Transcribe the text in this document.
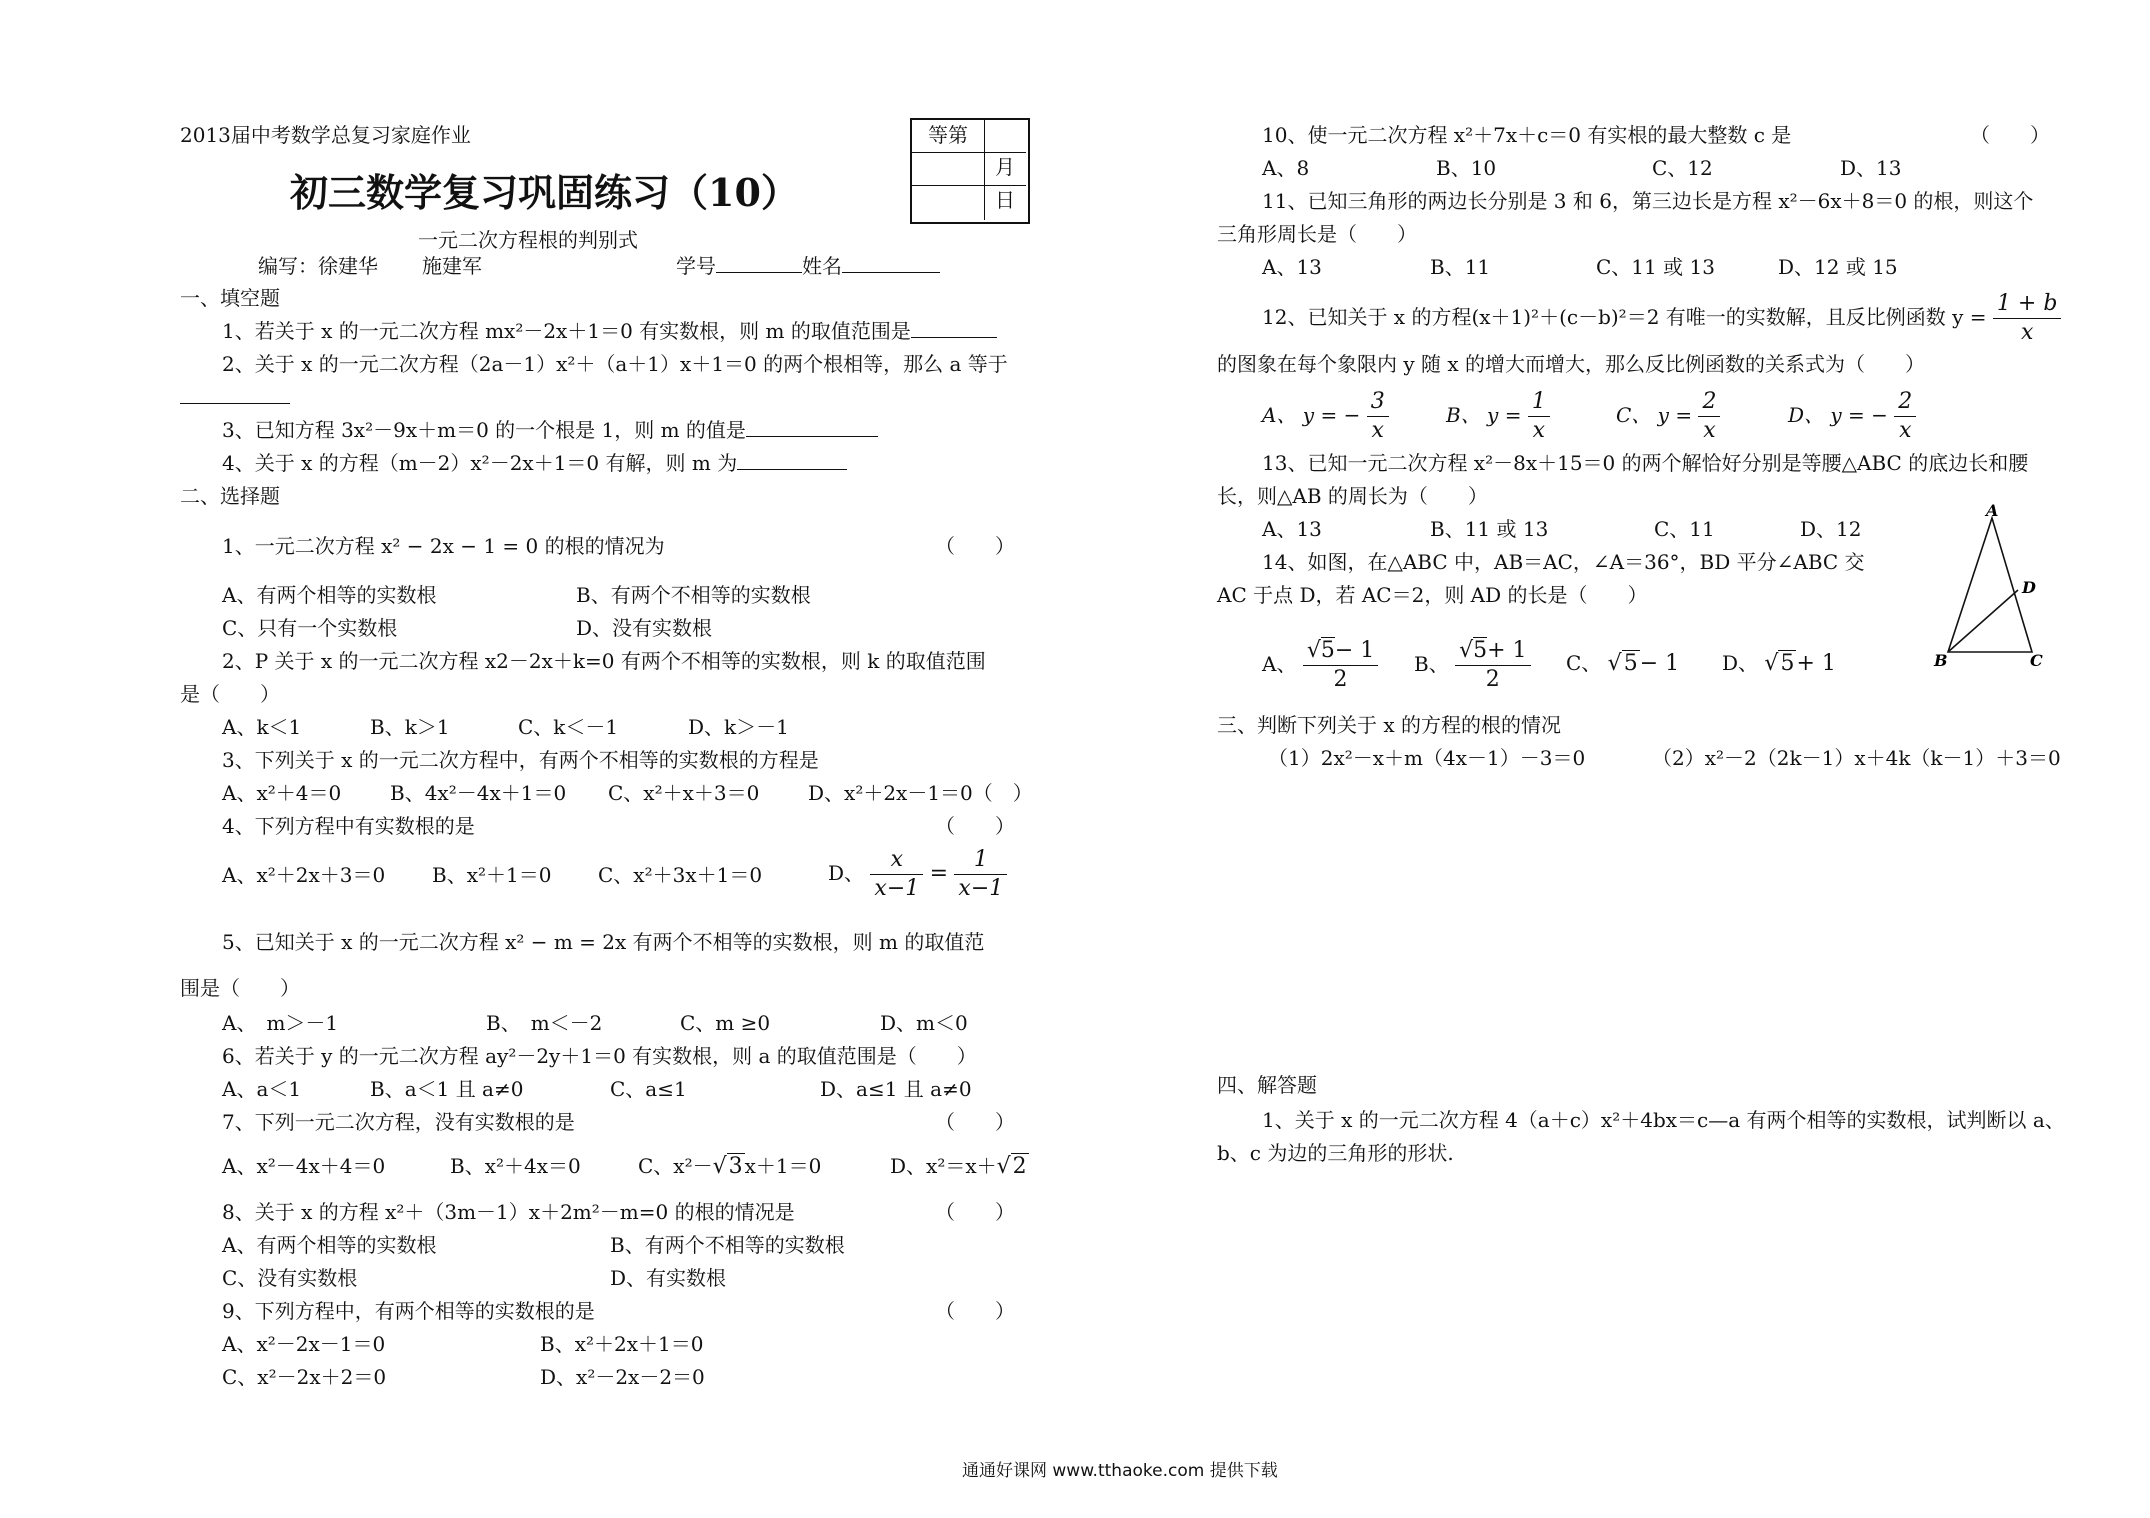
2013届中考数学总复习家庭作业
初三数学复习巩固练习（10）
一元二次方程根的判别式
编写：徐建华 施建军	学号	姓名
等第
月
日
一、填空题
1、若关于 x 的一元二次方程 mx²－2x＋1＝0 有实数根，则 m 的取值范围是
2、关于 x 的一元二次方程（2a－1）x²＋（a＋1）x＋1＝0 的两个根相等，那么 a 等于
3、已知方程 3x²－9x＋m＝0 的一个根是 1，则 m 的值是
4、关于 x 的方程（m－2）x²－2x＋1＝0 有解，则 m 为
二、选择题
1、一元二次方程 x² − 2x − 1 = 0 的根的情况为	（　　）
A、有两个相等的实数根	B、有两个不相等的实数根
C、只有一个实数根	D、没有实数根
2、P 关于 x 的一元二次方程 x2－2x＋k=0 有两个不相等的实数根，则 k 的取值范围
是（　　）
A、k＜1	B、k＞1	C、k＜－1	D、k＞－1
3、下列关于 x 的一元二次方程中，有两个不相等的实数根的方程是
A、x²＋4＝0 B、4x²－4x＋1＝0 C、x²＋x＋3＝0 D、x²＋2x－1＝0（　）
4、下列方程中有实数根的是	（　　）
A、x²＋2x＋3＝0 B、x²＋1＝0 C、x²＋3x＋1＝0	D、 $\frac{x}{x-1} = \frac{1}{x-1}$
5、已知关于 x 的一元二次方程 x² − m = 2x 有两个不相等的实数根，则 m 的取值范
围是（　　）
A、　m＞－1	B、　m＜－2	C、m ≥0	D、m＜0
6、若关于 y 的一元二次方程 ay²－2y＋1＝0 有实数根，则 a 的取值范围是（　　）
A、a＜1	B、a＜1 且 a≠0	C、a≤1	D、a≤1 且 a≠0
7、下列一元二次方程，没有实数根的是	（　　）
A、x²－4x＋4＝0	B、x²＋4x＝0	C、x²－√3 x＋1＝0	D、x²＝x＋√2
8、关于 x 的方程 x²＋（3m－1）x＋2m²－m=0 的根的情况是	（　　）
A、有两个相等的实数根	B、有两个不相等的实数根
C、没有实数根	D、有实数根
9、下列方程中，有两个相等的实数根的是	（　　）
A、x²－2x－1＝0	B、x²＋2x＋1＝0
C、x²－2x＋2＝0	D、x²－2x－2＝0
10、使一元二次方程 x²＋7x＋c＝0 有实根的最大整数 c 是	（　　）
A、8	B、10	C、12	D、13
11、已知三角形的两边长分别是 3 和 6，第三边长是方程 x²－6x＋8＝0 的根，则这个
三角形周长是（　　）
A、13	B、11	C、11 或 13	D、12 或 15
12、已知关于 x 的方程(x＋1)²＋(c－b)²＝2 有唯一的实数解，且反比例函数 $y = \frac{1 + b}{x}$
的图象在每个象限内 y 随 x 的增大而增大，那么反比例函数的关系式为（　　）
A、 y = − $\frac{3}{x}$	B、 $y = \frac{1}{x}$	C、 $y = \frac{2}{x}$	D、 y = − $\frac{2}{x}$
13、已知一元二次方程 x²－8x＋15＝0 的两个解恰好分别是等腰△ABC 的底边长和腰
长，则△AB 的周长为（　　）
A、13	B、11 或 13	C、11	D、12
14、如图，在△ABC 中，AB＝AC，∠A＝36°，BD 平分∠ABC 交
AC 于点 D，若 AC＝2，则 AD 的长是（　　）
A、 $\frac{√5- 1}{2}$ B、 $\frac{√5+ 1}{2}$ C、 √5− 1 D、 √5+ 1
A
B	C
D
三、判断下列关于 x 的方程的根的情况
（1）2x²－x＋m（4x－1）－3＝0	（2）x²－2（2k－1）x＋4k（k－1）＋3＝0
四、解答题
1、关于 x 的一元二次方程 4（a＋c）x²＋4bx＝c—a 有两个相等的实数根，试判断以 a、
b、c 为边的三角形的形状.
通通好课网 www.tthaoke.com 提供下载
